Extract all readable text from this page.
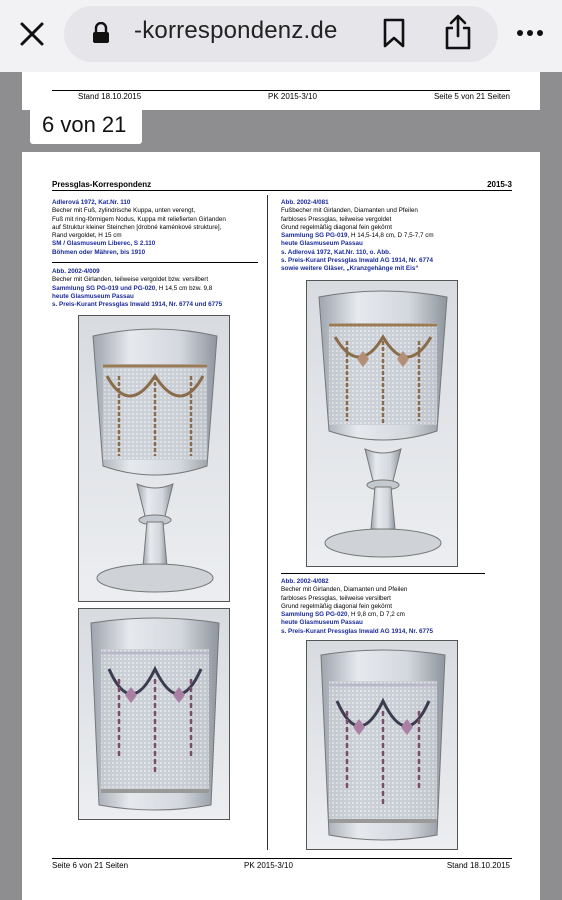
-korrespondenz.de
Stand 18.10.2015	PK 2015-3/10	Seite 5 von 21 Seiten
6 von 21
Pressglas-Korrespondenz	2015-3
Adlerová 1972, Kat.Nr. 110
Becher mit Fuß, zylindrische Kuppa, unten verengt,
Fuß mit ring-förmigem Nodus, Kuppa mit reliefierten Girlanden
auf Struktur kleiner Steinchen [drobné kaménkové strukture],
Rand vergoldet, H 15 cm
SM / Glasmuseum Liberec, S 2.110
Böhmen oder Mähren, bis 1910
Abb. 2002-4/009
Becher mit Girlanden, teilweise vergoldet bzw. versilbert
Sammlung SG PG-019 und PG-020, H 14,5 cm bzw. 9,8
heute Glasmuseum Passau
s. Preis-Kurant Pressglas Inwald 1914, Nr. 6774 und 6775
Abb. 2002-4/081
Fußbecher mit Girlanden, Diamanten und Pfeilen
farbloses Pressglas, teilweise vergoldet
Grund regelmäßig diagonal fein gekörnt
Sammlung SG PG-019, H 14,5-14,8 cm, D 7,5-7,7 cm
heute Glasmuseum Passau
s. Adlerová 1972, Kat.Nr. 110, o. Abb.
s. Preis-Kurant Pressglas Inwald AG 1914, Nr. 6774
sowie weitere Gläser, „Kranzgehänge mit Eis“
Abb. 2002-4/082
Becher mit Girlanden, Diamanten und Pfeilen
farbloses Pressglas, teilweise versilbert
Grund regelmäßig diagonal fein gekörnt
Sammlung SG PG-020, H 9,8 cm, D 7,2 cm
heute Glasmuseum Passau
s. Preis-Kurant Pressglas Inwald AG 1914, Nr. 6775
Seite 6 von 21 Seiten	PK 2015-3/10	Stand 18.10.2015
